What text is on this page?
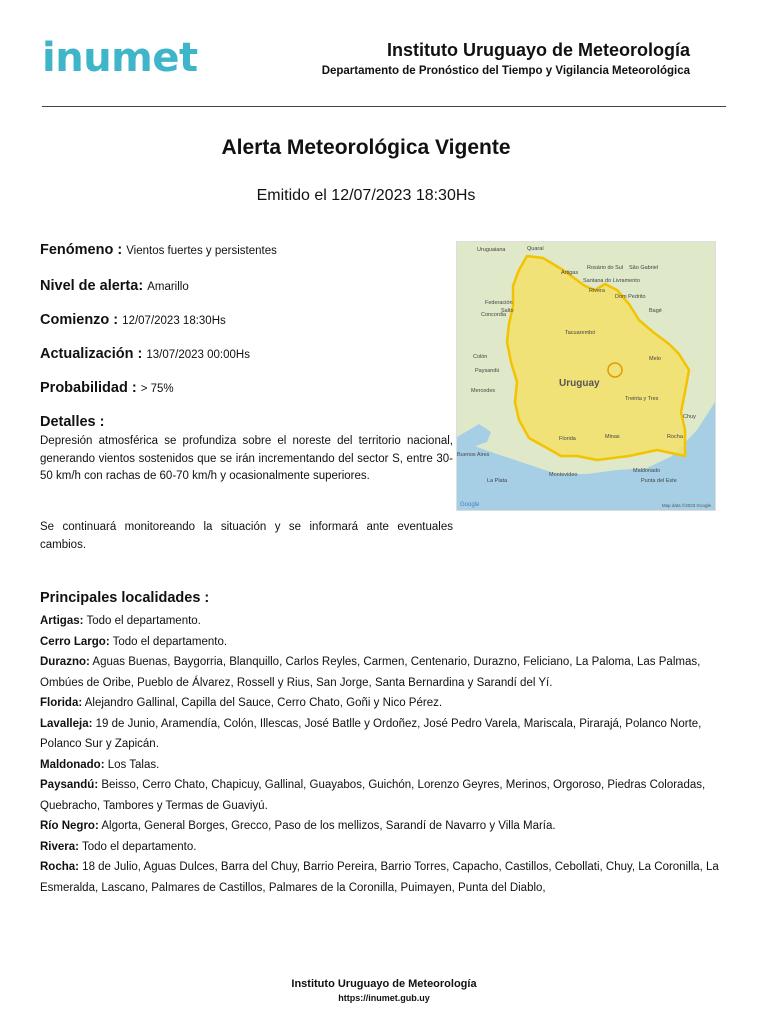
inumet	Instituto Uruguayo de Meteorología
Departamento de Pronóstico del Tiempo y Vigilancia Meteorológica
Alerta Meteorológica Vigente
Emitido el 12/07/2023 18:30Hs
Fenómeno : Vientos fuertes y persistentes
Nivel de alerta: Amarillo
Comienzo : 12/07/2023 18:30Hs
Actualización : 13/07/2023 00:00Hs
Probabilidad : > 75%
Detalles :
Depresión atmosférica se profundiza sobre el noreste del territorio nacional, generando vientos sostenidos que se irán incrementando del sector S, entre 30-50 km/h con rachas de 60-70 km/h y ocasionalmente superiores.
Se continuará monitoreando la situación y se informará ante eventuales cambios.
Uruguay
Uruguaiana	Quaraí
Rosário do Sul São Gabriel
Santana do Livramento
Artigas
Rivera
Dom Pedrito
Bagé
Federación
Concordia
Salto
Tacuarembó
Melo
Colón
Paysandú
Treinta y Tres
Mercedes
Florida	Minas	Rocha
Montevideo
Buenos Aires
La Plata
Maldonado
Punta del Este
Chuy
Google	Map data ©2023 Google
Principales localidades :

Artigas: Todo el departamento.

Cerro Largo: Todo el departamento.

Durazno: Aguas Buenas, Baygorria, Blanquillo, Carlos Reyles, Carmen, Centenario, Durazno, Feliciano, La Paloma, Las Palmas, Ombúes de Oribe, Pueblo de Álvarez, Rossell y Rius, San Jorge, Santa Bernardina y Sarandí del Yí.

Florida: Alejandro Gallinal, Capilla del Sauce, Cerro Chato, Goñi y Nico Pérez.

Lavalleja: 19 de Junio, Aramendía, Colón, Illescas, José Batlle y Ordoñez, José Pedro Varela, Mariscala, Pirarajá, Polanco Norte, Polanco Sur y Zapicán.

Maldonado: Los Talas.

Paysandú: Beisso, Cerro Chato, Chapicuy, Gallinal, Guayabos, Guichón, Lorenzo Geyres, Merinos, Orgoroso, Piedras Coloradas, Quebracho, Tambores y Termas de Guaviyú.

Río Negro: Algorta, General Borges, Grecco, Paso de los mellizos, Sarandí de Navarro y Villa María.

Rivera: Todo el departamento.

Rocha: 18 de Julio, Aguas Dulces, Barra del Chuy, Barrio Pereira, Barrio Torres, Capacho, Castillos, Cebollati, Chuy, La Coronilla, La Esmeralda, Lascano, Palmares de Castillos, Palmares de la Coronilla, Puimayen, Punta del Diablo,

Instituto Uruguayo de Meteorología
https://inumet.gub.uy
